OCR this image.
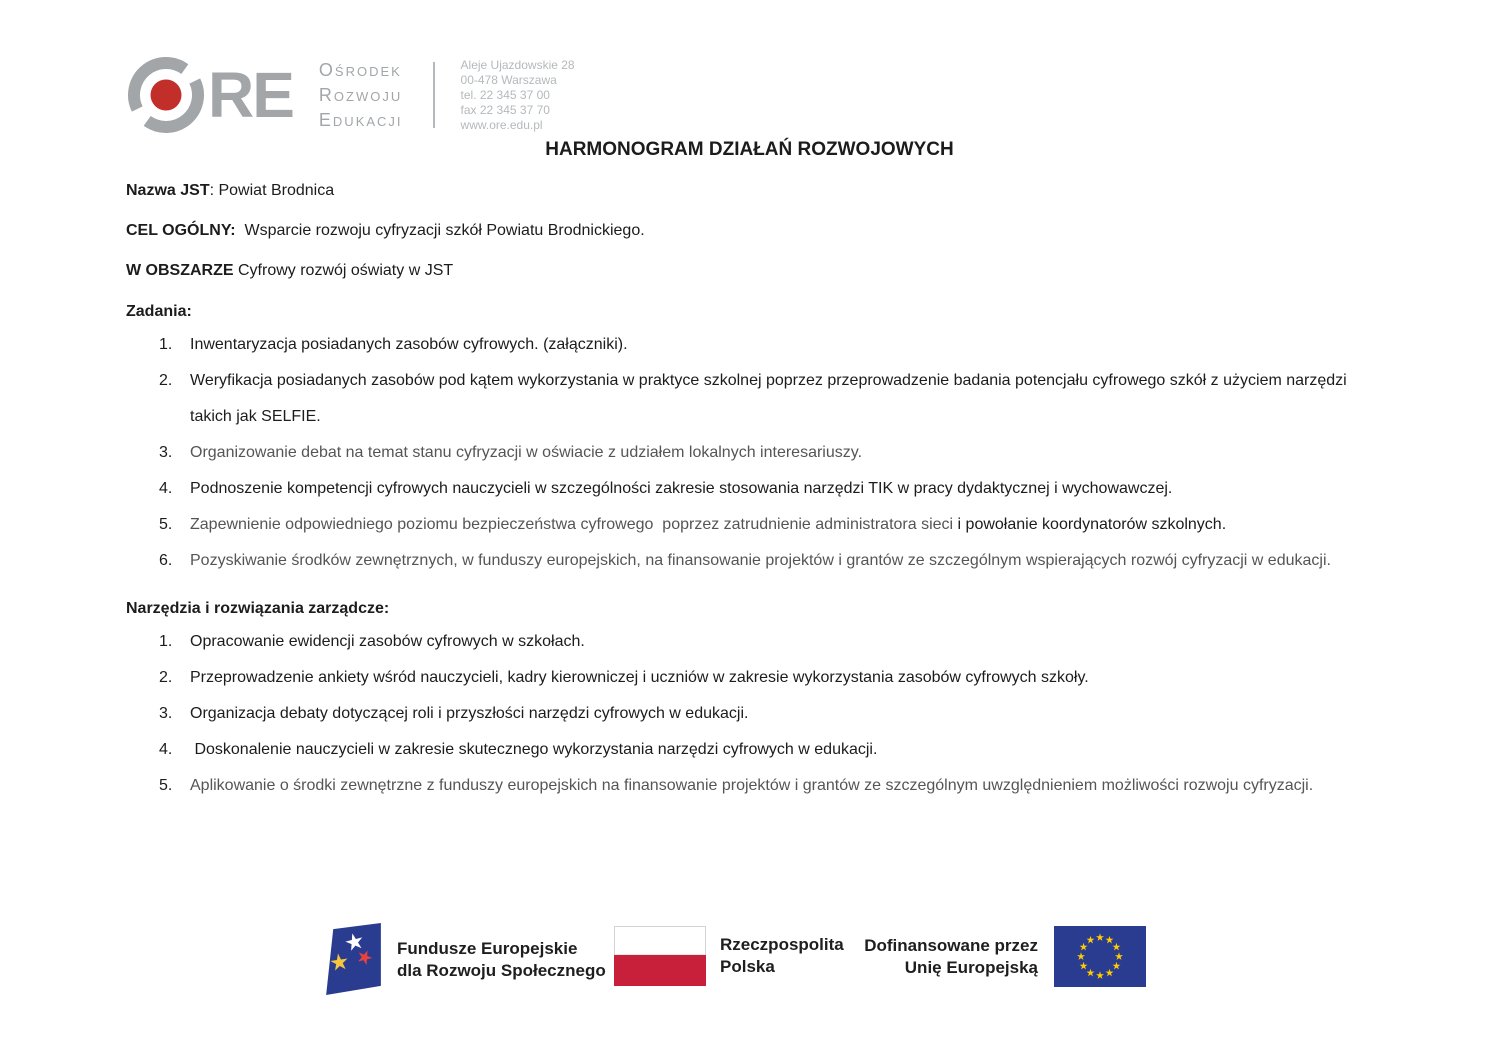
RE Ośrodek
Rozwoju
Edukacji
Aleje Ujazdowskie 28
00-478 Warszawa
tel. 22 345 37 00
fax 22 345 37 70
www.ore.edu.pl
HARMONOGRAM DZIAŁAŃ ROZWOJOWYCH

Nazwa JST: Powiat Brodnica

CEL OGÓLNY:  Wsparcie rozwoju cyfryzacji szkół Powiatu Brodnickiego.

W OBSZARZE Cyfrowy rozwój oświaty w JST

Zadania:
1. Inwentaryzacja posiadanych zasobów cyfrowych. (załączniki).
2. Weryfikacja posiadanych zasobów pod kątem wykorzystania w praktyce szkolnej poprzez przeprowadzenie badania potencjału cyfrowego szkół z użyciem narzędzi takich jak SELFIE.
3. Organizowanie debat na temat stanu cyfryzacji w oświacie z udziałem lokalnych interesariuszy.
4. Podnoszenie kompetencji cyfrowych nauczycieli w szczególności zakresie stosowania narzędzi TIK w pracy dydaktycznej i wychowawczej.
5. Zapewnienie odpowiedniego poziomu bezpieczeństwa cyfrowego  poprzez zatrudnienie administratora sieci i powołanie koordynatorów szkolnych.
6. Pozyskiwanie środków zewnętrznych, w funduszy europejskich, na finansowanie projektów i grantów ze szczególnym wspierających rozwój cyfryzacji w edukacji.
Narzędzia i rozwiązania zarządcze:
1. Opracowanie ewidencji zasobów cyfrowych w szkołach.
2. Przeprowadzenie ankiety wśród nauczycieli, kadry kierowniczej i uczniów w zakresie wykorzystania zasobów cyfrowych szkoły.
3. Organizacja debaty dotyczącej roli i przyszłości narzędzi cyfrowych w edukacji.
4. Doskonalenie nauczycieli w zakresie skutecznego wykorzystania narzędzi cyfrowych w edukacji.
5. Aplikowanie o środki zewnętrzne z funduszy europejskich na finansowanie projektów i grantów ze szczególnym uwzględnieniem możliwości rozwoju cyfryzacji.
Fundusze Europejskie
dla Rozwoju Społecznego
Rzeczpospolita
Polska
Dofinansowane przez
Unię Europejską
